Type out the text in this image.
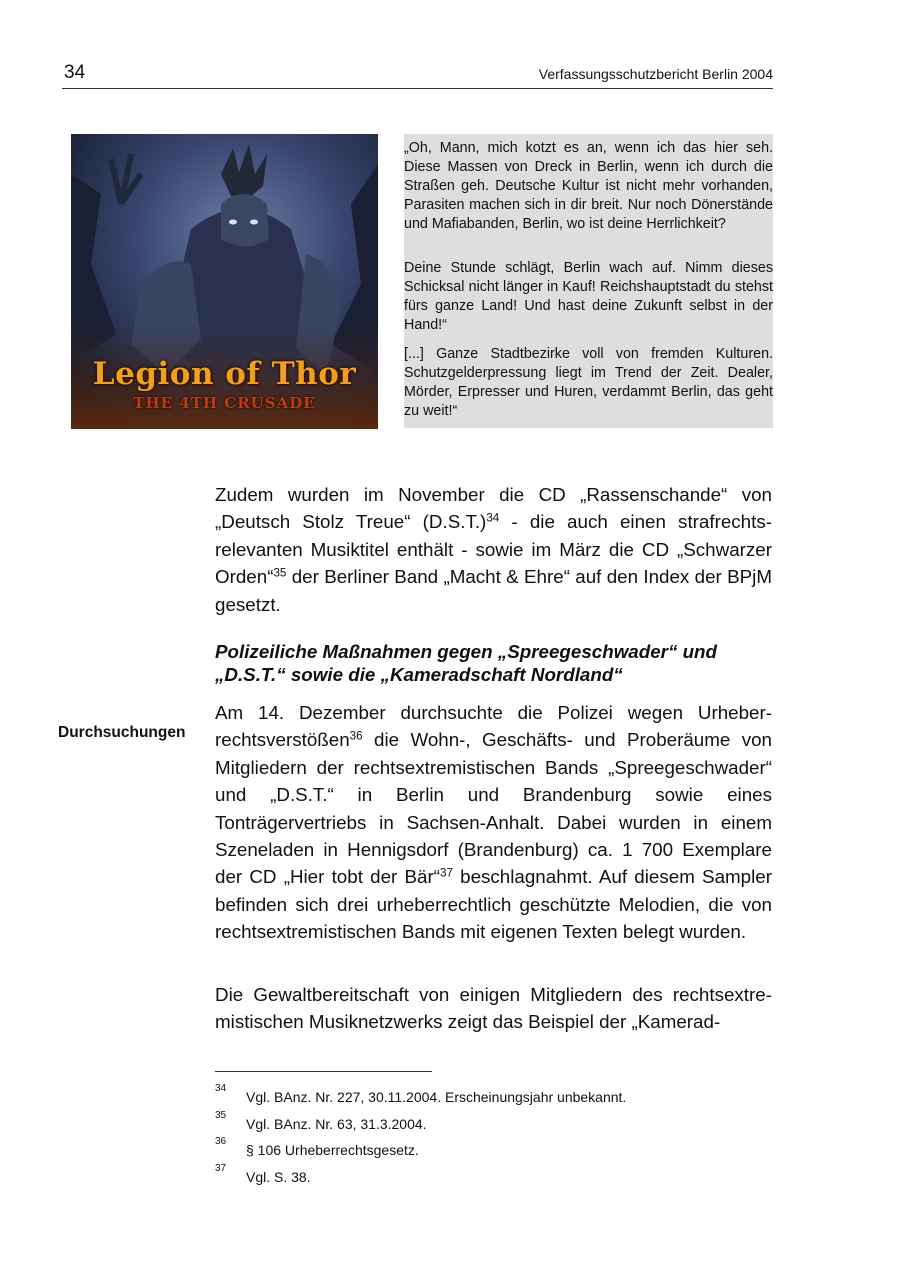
34	Verfassungsschutzbericht Berlin 2004
Legion of Thor
THE 4TH CRUSADE

„Oh, Mann, mich kotzt es an, wenn ich das hier seh. Diese Massen von Dreck in Berlin, wenn ich durch die Straßen geh. Deutsche Kultur ist nicht mehr vorhanden, Parasiten machen sich in dir breit. Nur noch Dönerstände und Mafiabanden, Berlin, wo ist deine Herrlichkeit?

Deine Stunde schlägt, Berlin wach auf. Nimm dieses Schicksal nicht länger in Kauf! Reichshauptstadt du stehst fürs ganze Land! Und hast deine Zukunft selbst in der Hand!“

[...] Ganze Stadtbezirke voll von fremden Kulturen. Schutzgelderpressung liegt im Trend der Zeit. Dealer, Mörder, Erpresser und Huren, verdammt Berlin, das geht zu weit!“

Zudem wurden im November die CD „Rassenschande“ von „Deutsch Stolz Treue“ $(D.S.T.)^{34}$ - die auch einen strafrechtsrelevanten Musiktitel enthält - sowie im März die CD „Schwarzer Orden“$^{35}$ der Berliner Band „Macht & Ehre“ auf den Index der BPjM gesetzt.

Polizeiliche Maßnahmen gegen „Spreegeschwader“ und „D.S.T.“ sowie die „Kameradschaft Nordland“
Durchsuchungen

Am 14. Dezember durchsuchte die Polizei wegen Urheberrechtsverstößen$^{36}$ die Wohn-, Geschäfts- und Proberäume von Mitgliedern der rechtsextremistischen Bands „Spreegeschwader“ und „D.S.T.“ in Berlin und Brandenburg sowie eines Tonträgervertriebs in Sachsen-Anhalt. Dabei wurden in einem Szeneladen in Hennigsdorf (Brandenburg) ca. 1 700 Exemplare der CD „Hier tobt der Bär“$^{37}$ beschlagnahmt. Auf diesem Sampler befinden sich drei urheberrechtlich geschützte Melodien, die von rechtsextremistischen Bands mit eigenen Texten belegt wurden.

Die Gewaltbereitschaft von einigen Mitgliedern des rechtsextremistischen Musiknetzwerks zeigt das Beispiel der „Kamerad-

34
Vgl. BAnz. Nr. 227, 30.11.2004. Erscheinungsjahr unbekannt.
35
Vgl. BAnz. Nr. 63, 31.3.2004.
36
§ 106 Urheberrechtsgesetz.
37
Vgl. S. 38.
